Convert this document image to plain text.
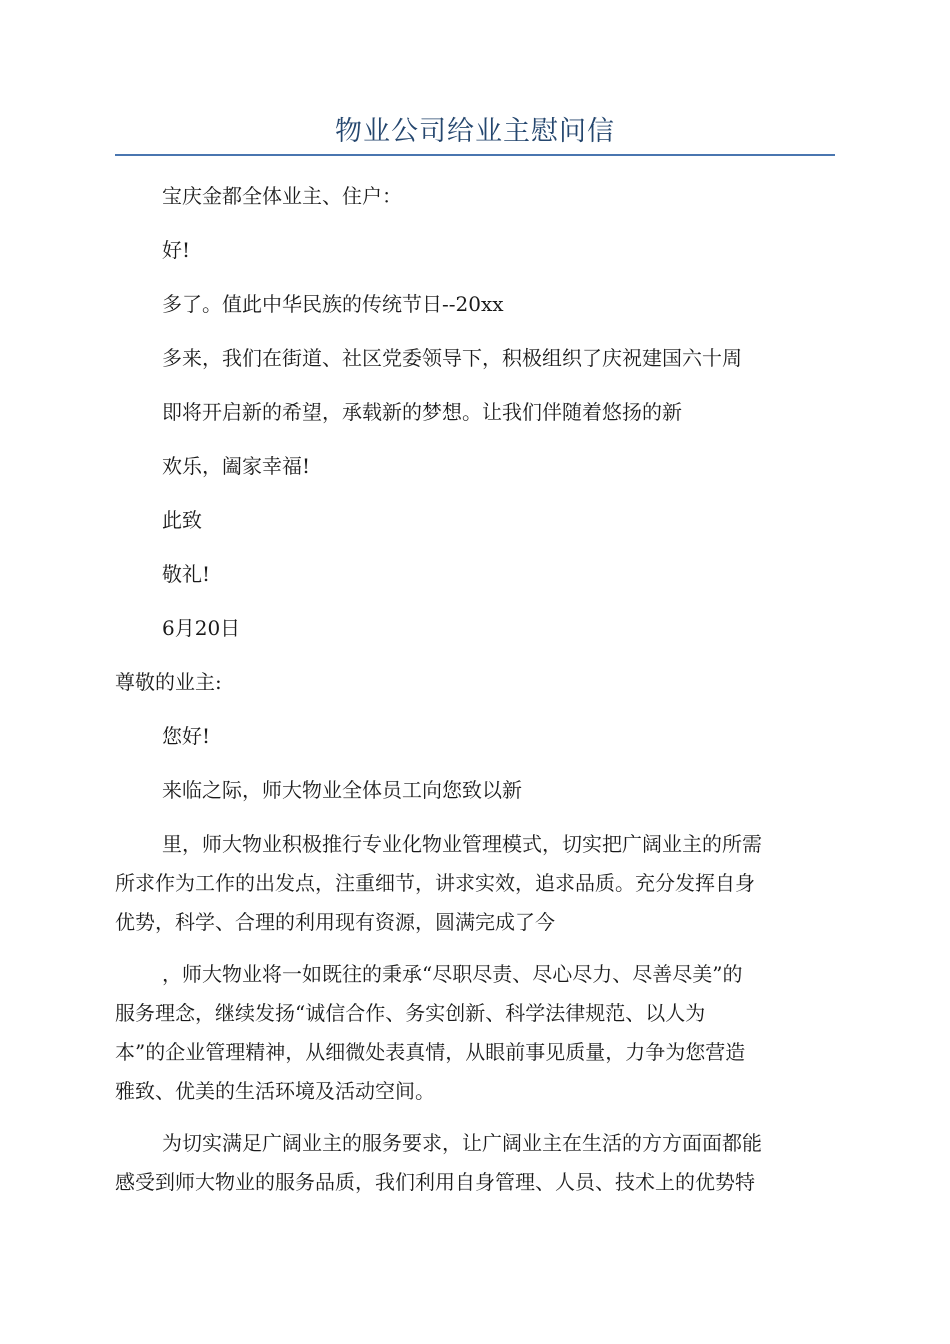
物业公司给业主慰问信
宝庆金都全体业主、住户：
好!
多了。值此中华民族的传统节日--20xx
多来，我们在街道、社区党委领导下，积极组织了庆祝建国六十周
即将开启新的希望，承载新的梦想。让我们伴随着悠扬的新
欢乐，阖家幸福!
此致
敬礼!
6月20日
尊敬的业主:
您好!
来临之际，师大物业全体员工向您致以新
里，师大物业积极推行专业化物业管理模式，切实把广阔业主的所需
所求作为工作的出发点，注重细节，讲求实效，追求品质。充分发挥自身
优势，科学、合理的利用现有资源，圆满完成了今
，师大物业将一如既往的秉承“尽职尽责、尽心尽力、尽善尽美”的
服务理念，继续发扬“诚信合作、务实创新、科学法律规范、以人为
本”的企业管理精神，从细微处表真情，从眼前事见质量，力争为您营造
雅致、优美的生活环境及活动空间。
为切实满足广阔业主的服务要求，让广阔业主在生活的方方面面都能
感受到师大物业的服务品质，我们利用自身管理、人员、技术上的优势特
